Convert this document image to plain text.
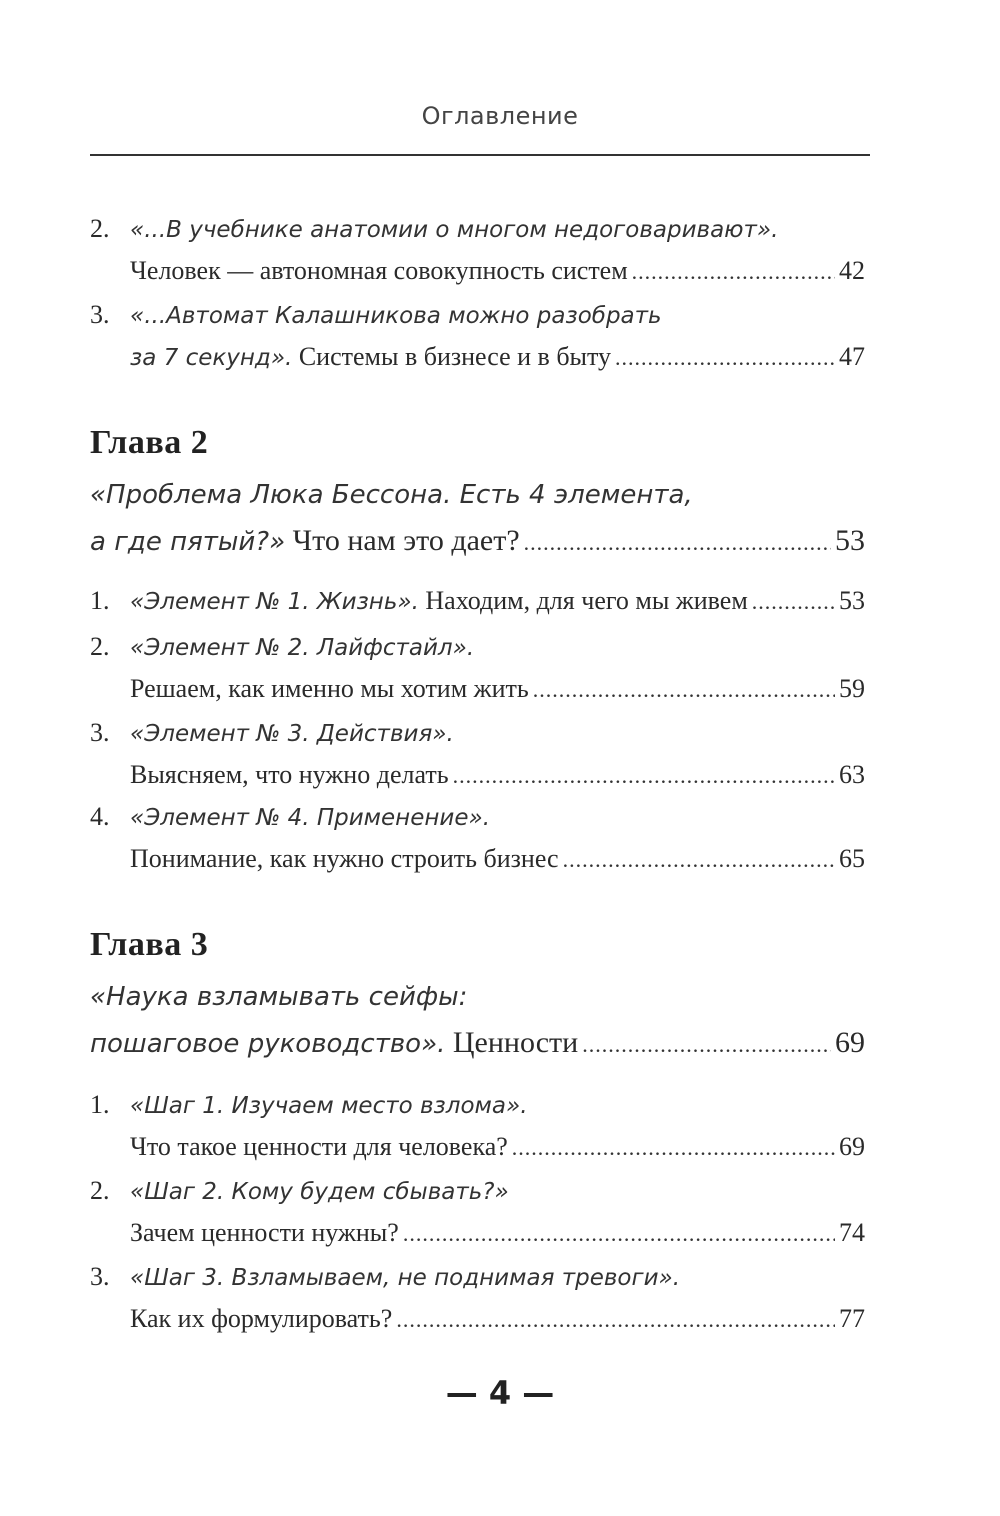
Оглавление
2. «...В учебнике анатомии о многом недоговаривают».
Человек — автономная совокупность систем .....	42
3. «...Автомат Калашникова можно разобрать
за 7 секунд». Системы в бизнесе и в быту .....	47
Глава 2
«Проблема Люка Бессона. Есть 4 элемента,
а где пятый?» Что нам это дает? .....	53
1. «Элемент № 1. Жизнь». Находим, для чего мы живем .....	53
2. «Элемент № 2. Лайфстайл».
Решаем, как именно мы хотим жить .....	59
3. «Элемент № 3. Действия».
Выясняем, что нужно делать .....	63
4. «Элемент № 4. Применение».
Понимание, как нужно строить бизнес .....	65
Глава 3
«Наука взламывать сейфы:
пошаговое руководство». Ценности .....	69
1. «Шаг 1. Изучаем место взлома».
Что такое ценности для человека? .....	69
2. «Шаг 2. Кому будем сбывать?»
Зачем ценности нужны? .....	74
3. «Шаг 3. Взламываем, не поднимая тревоги».
Как их формулировать? .....	77
— 4 —
